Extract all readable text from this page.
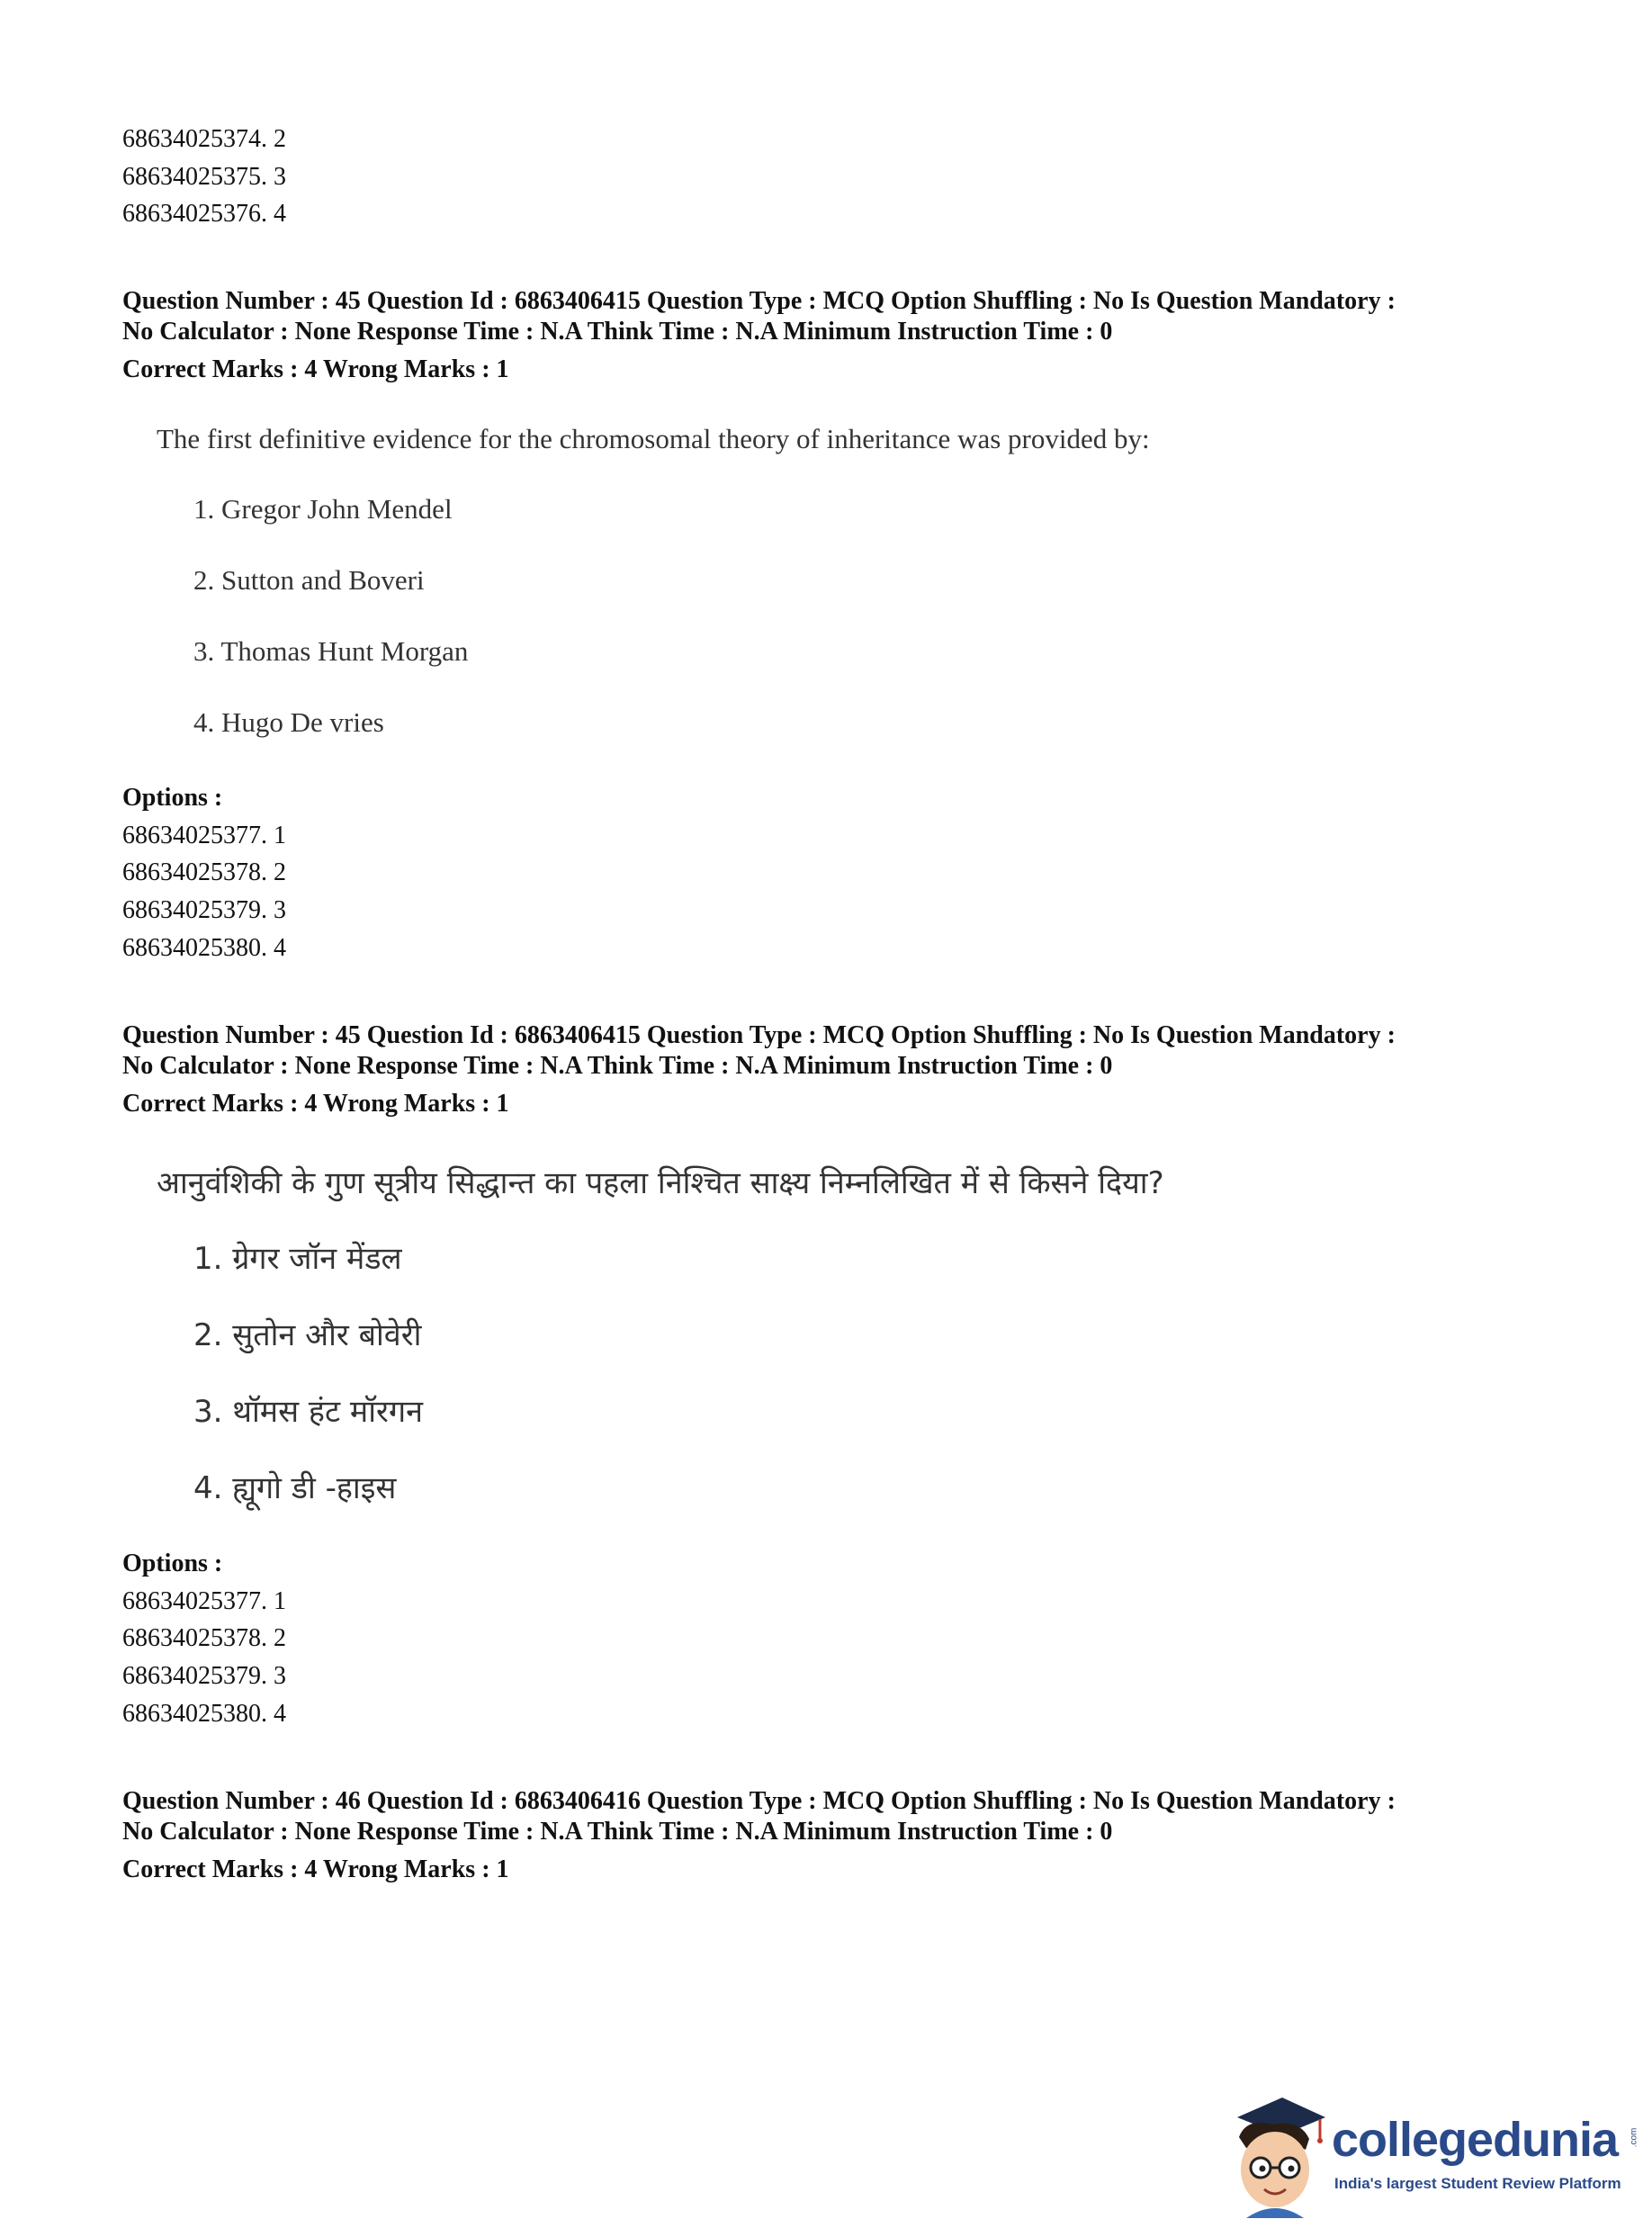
68634025374. 2
68634025375. 3
68634025376. 4
Question Number : 45 Question Id : 6863406415 Question Type : MCQ Option Shuffling : No Is Question Mandatory :
No Calculator : None Response Time : N.A Think Time : N.A Minimum Instruction Time : 0
Correct Marks : 4 Wrong Marks : 1
The first definitive evidence for the chromosomal theory of inheritance was provided by:
1. Gregor John Mendel
2. Sutton and Boveri
3. Thomas Hunt Morgan
4. Hugo De vries
Options :
68634025377. 1
68634025378. 2
68634025379. 3
68634025380. 4
Question Number : 45 Question Id : 6863406415 Question Type : MCQ Option Shuffling : No Is Question Mandatory :
No Calculator : None Response Time : N.A Think Time : N.A Minimum Instruction Time : 0
Correct Marks : 4 Wrong Marks : 1
आनुवंशिकी के गुण सूत्रीय सिद्धान्त का पहला निश्चित साक्ष्य निम्नलिखित में से किसने दिया?
1. ग्रेगर जॉन मेंडल
2. सुतोन और बोवेरी
3. थॉमस हंट मॉरगन
4. ह्यूगो डी -हाइस
Options :
68634025377. 1
68634025378. 2
68634025379. 3
68634025380. 4
Question Number : 46 Question Id : 6863406416 Question Type : MCQ Option Shuffling : No Is Question Mandatory :
No Calculator : None Response Time : N.A Think Time : N.A Minimum Instruction Time : 0
Correct Marks : 4 Wrong Marks : 1
collegedunia
India's largest Student Review Platform
.com
